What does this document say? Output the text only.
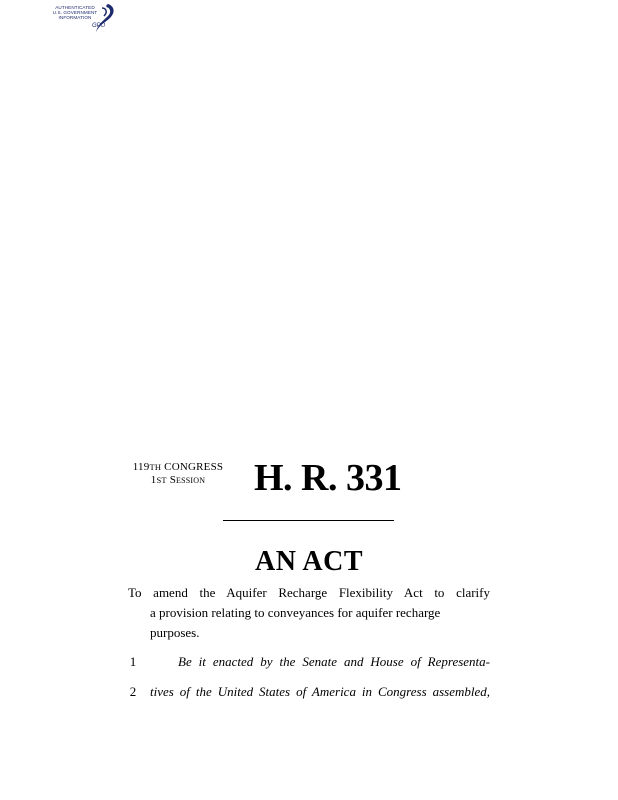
AUTHENTICATED
U.S. GOVERNMENT
INFORMATION
GPO
119TH CONGRESS
1ST Session	H. R. 331
AN ACT
To amend the Aquifer Recharge Flexibility Act to clarify
a provision relating to conveyances for aquifer recharge
purposes.
1	Be it enacted by the Senate and House of Representa-
2 tives of the United States of America in Congress assembled,
